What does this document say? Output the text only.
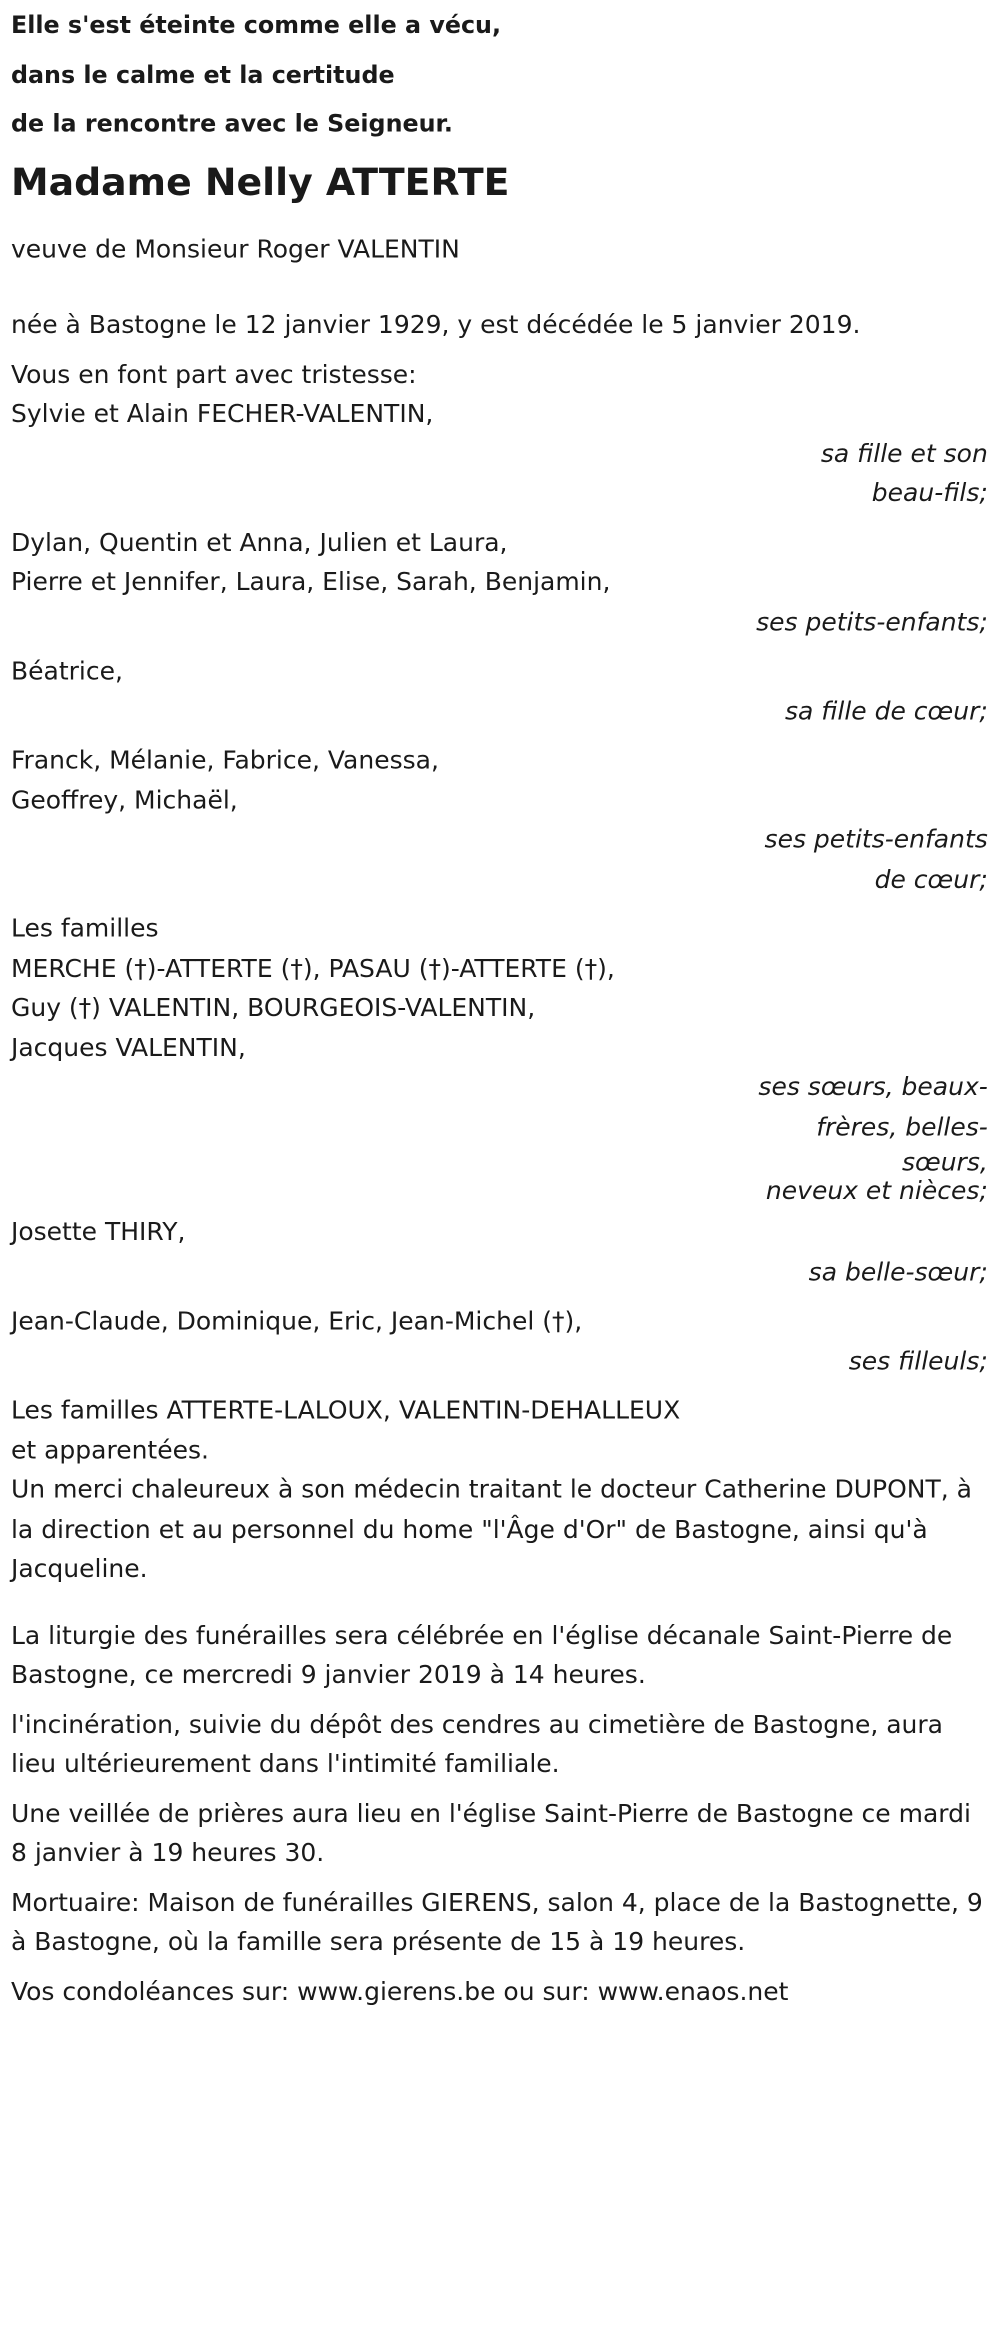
Elle s'est éteinte comme elle a vécu,
dans le calme et la certitude
de la rencontre avec le Seigneur.
Madame Nelly ATTERTE
veuve de Monsieur Roger VALENTIN
née à Bastogne le 12 janvier 1929, y est décédée le 5 janvier 2019.
Vous en font part avec tristesse:
Sylvie et Alain FECHER-VALENTIN,
sa fille et son
beau-fils;
Dylan, Quentin et Anna, Julien et Laura,
Pierre et Jennifer, Laura, Elise, Sarah, Benjamin,
ses petits-enfants;
Béatrice,
sa fille de cœur;
Franck, Mélanie, Fabrice, Vanessa,
Geoffrey, Michaël,
ses petits-enfants
de cœur;
Les familles
MERCHE (†)-ATTERTE (†), PASAU (†)-ATTERTE (†),
Guy (†) VALENTIN, BOURGEOIS-VALENTIN,
Jacques VALENTIN,
ses sœurs, beaux-
frères, belles-
sœurs,
neveux et nièces;
Josette THIRY,
sa belle-sœur;
Jean-Claude, Dominique, Eric, Jean-Michel (†),
ses filleuls;
Les familles ATTERTE-LALOUX, VALENTIN-DEHALLEUX
et apparentées.
Un merci chaleureux à son médecin traitant le docteur Catherine DUPONT, à la direction et au personnel du home "l'Âge d'Or" de Bastogne, ainsi qu'à Jacqueline.
La liturgie des funérailles sera célébrée en l'église décanale Saint-Pierre de Bastogne, ce mercredi 9 janvier 2019 à 14 heures.
l'incinération, suivie du dépôt des cendres au cimetière de Bastogne, aura lieu ultérieurement dans l'intimité familiale.
Une veillée de prières aura lieu en l'église Saint-Pierre de Bastogne ce mardi 8 janvier à 19 heures 30.
Mortuaire: Maison de funérailles GIERENS, salon 4, place de la Bastognette, 9 à Bastogne, où la famille sera présente de 15 à 19 heures.
Vos condoléances sur: www.gierens.be ou sur: www.enaos.net
